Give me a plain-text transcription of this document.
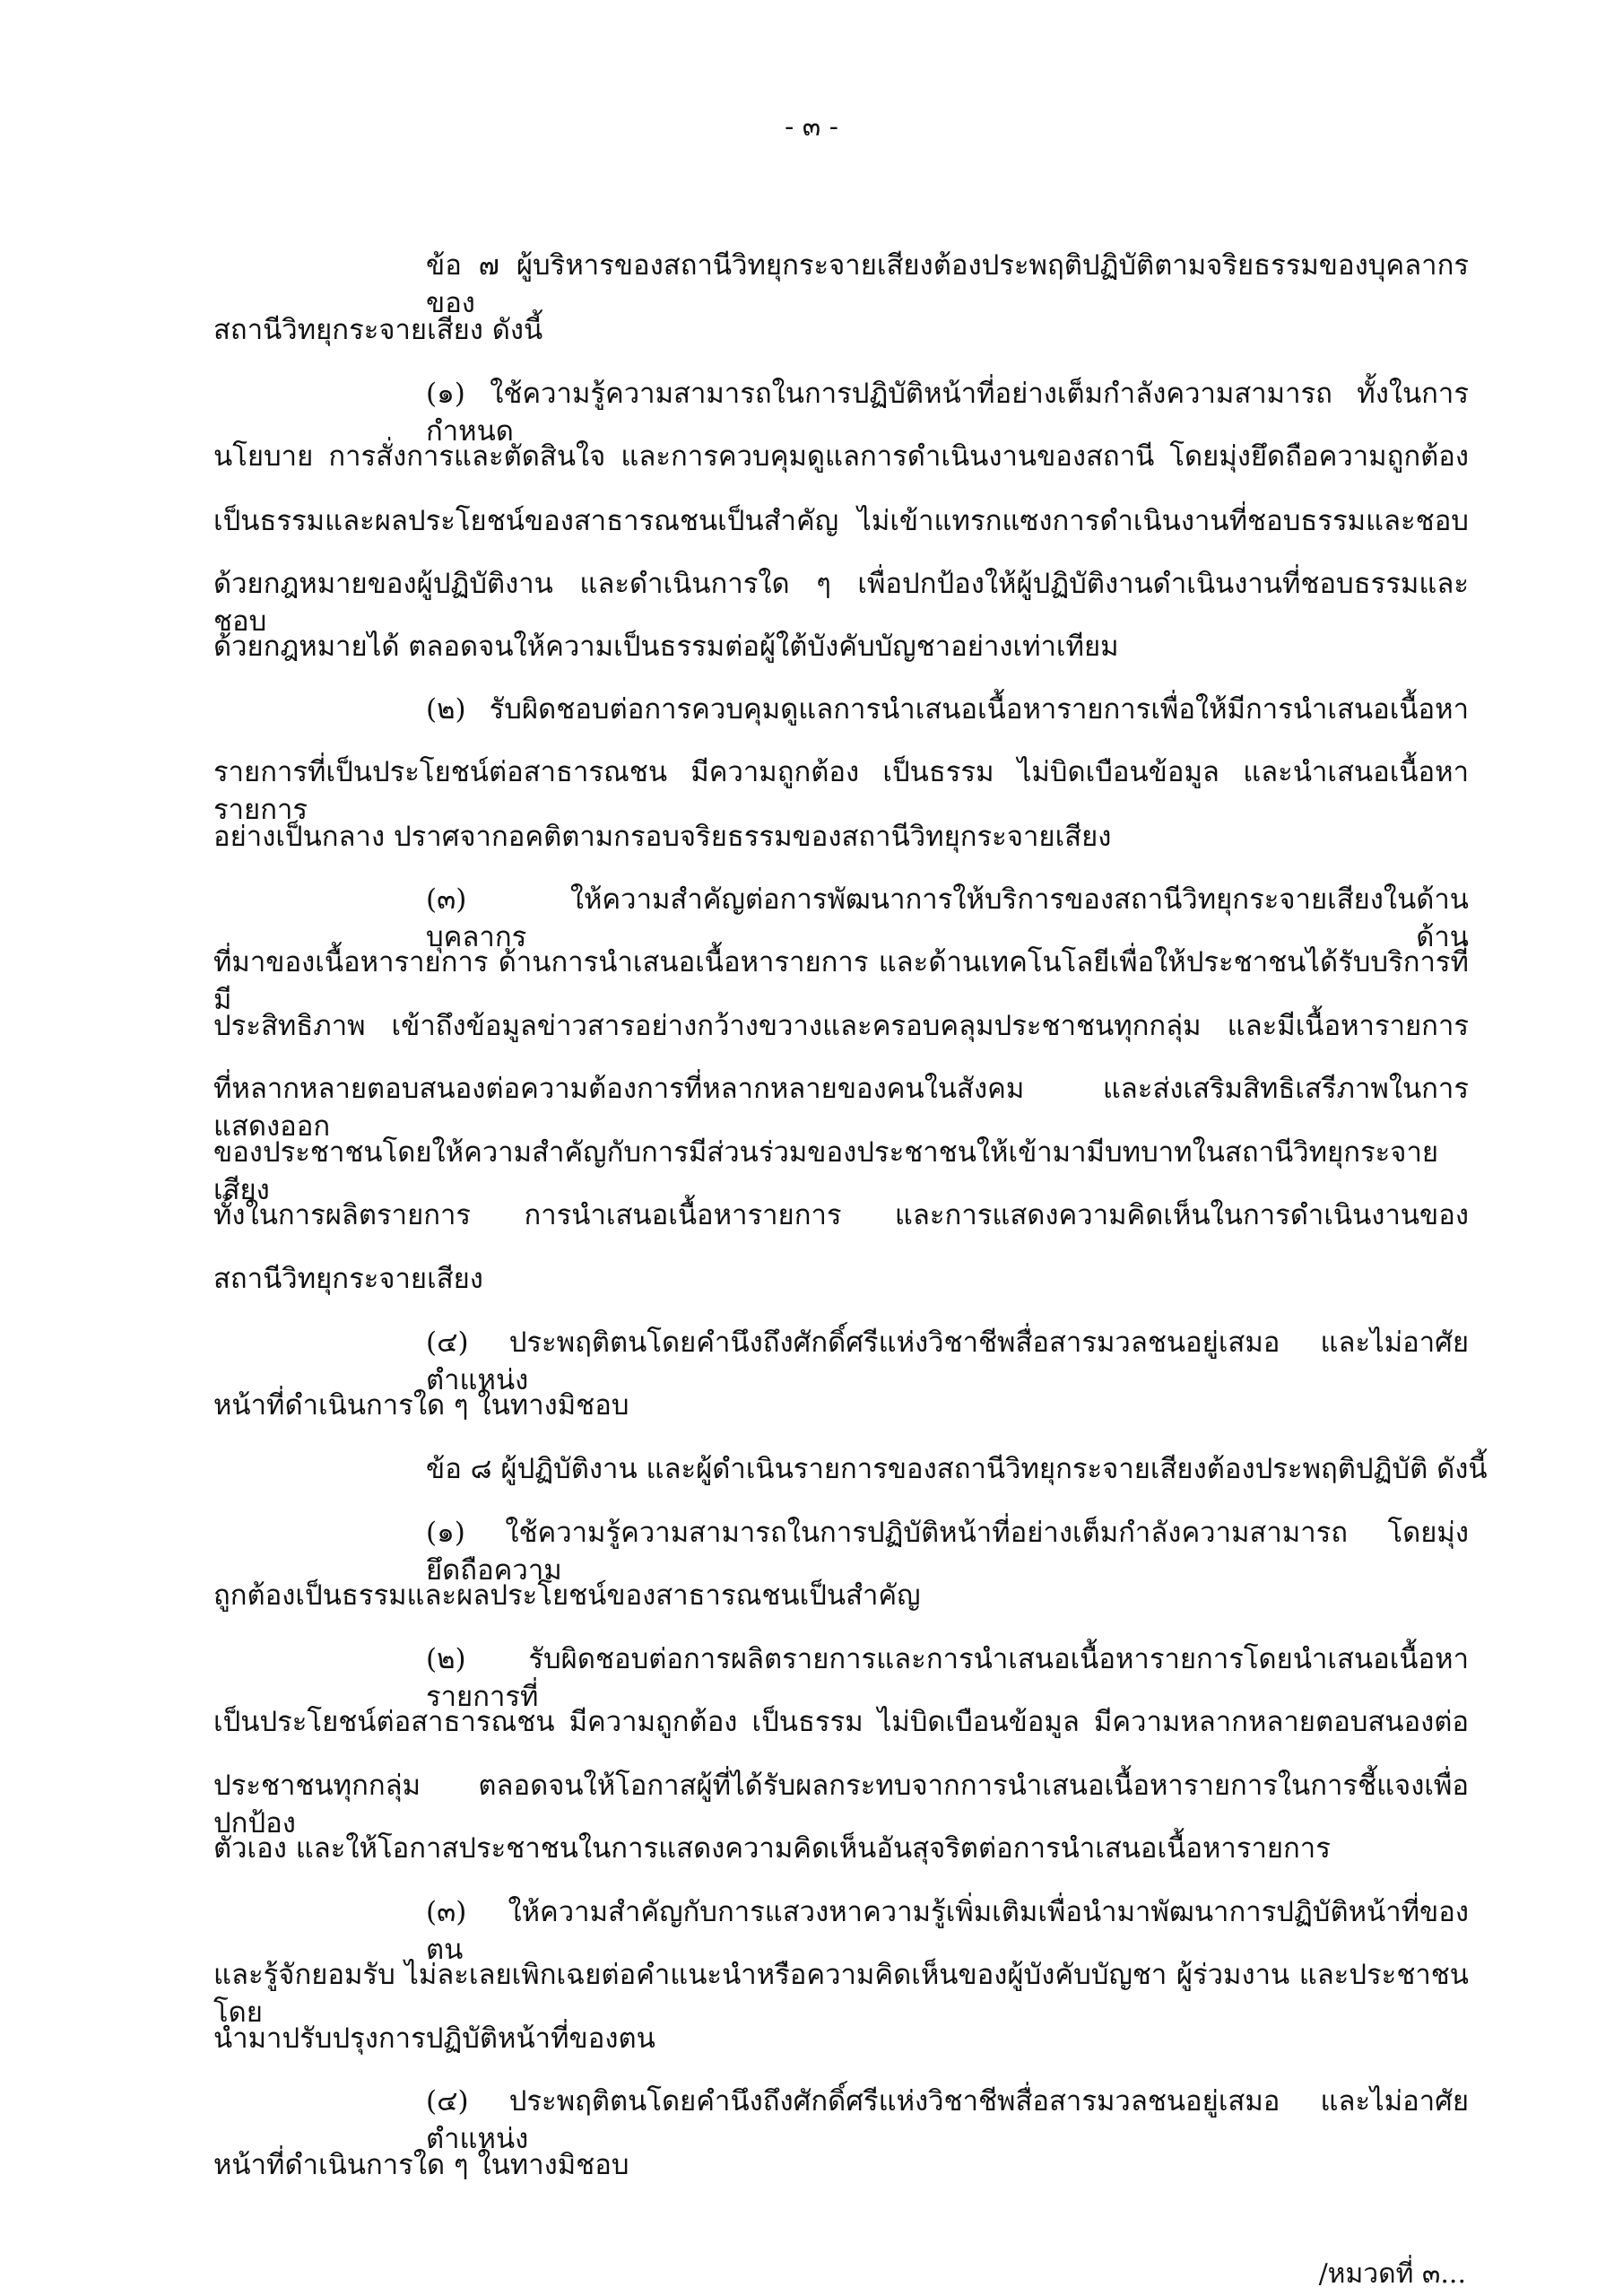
- ๓ -
ข้อ ๗ ผู้บริหารของสถานีวิทยุกระจายเสียงต้องประพฤติปฏิบัติตามจริยธรรมของบุคลากรของ
สถานีวิทยุกระจายเสียง ดังนี้
(๑) ใช้ความรู้ความสามารถในการปฏิบัติหน้าที่อย่างเต็มกำลังความสามารถ ทั้งในการกำหนด
นโยบาย การสั่งการและตัดสินใจ และการควบคุมดูแลการดำเนินงานของสถานี โดยมุ่งยึดถือความถูกต้อง
เป็นธรรมและผลประโยชน์ของสาธารณชนเป็นสำคัญ ไม่เข้าแทรกแซงการดำเนินงานที่ชอบธรรมและชอบ
ด้วยกฎหมายของผู้ปฏิบัติงาน และดำเนินการใด ๆ เพื่อปกป้องให้ผู้ปฏิบัติงานดำเนินงานที่ชอบธรรมและชอบ
ด้วยกฎหมายได้ ตลอดจนให้ความเป็นธรรมต่อผู้ใต้บังคับบัญชาอย่างเท่าเทียม
(๒) รับผิดชอบต่อการควบคุมดูแลการนำเสนอเนื้อหารายการเพื่อให้มีการนำเสนอเนื้อหา
รายการที่เป็นประโยชน์ต่อสาธารณชน มีความถูกต้อง เป็นธรรม ไม่บิดเบือนข้อมูล และนำเสนอเนื้อหารายการ
อย่างเป็นกลาง ปราศจากอคติตามกรอบจริยธรรมของสถานีวิทยุกระจายเสียง
(๓) ให้ความสำคัญต่อการพัฒนาการให้บริการของสถานีวิทยุกระจายเสียงในด้านบุคลากร ด้าน
ที่มาของเนื้อหารายการ ด้านการนำเสนอเนื้อหารายการ และด้านเทคโนโลยีเพื่อให้ประชาชนได้รับบริการที่มี
ประสิทธิภาพ เข้าถึงข้อมูลข่าวสารอย่างกว้างขวางและครอบคลุมประชาชนทุกกลุ่ม และมีเนื้อหารายการ
ที่หลากหลายตอบสนองต่อความต้องการที่หลากหลายของคนในสังคม และส่งเสริมสิทธิเสรีภาพในการแสดงออก
ของประชาชนโดยให้ความสำคัญกับการมีส่วนร่วมของประชาชนให้เข้ามามีบทบาทในสถานีวิทยุกระจายเสียง
ทั้งในการผลิตรายการ การนำเสนอเนื้อหารายการ และการแสดงความคิดเห็นในการดำเนินงานของ
สถานีวิทยุกระจายเสียง
(๔) ประพฤติตนโดยคำนึงถึงศักดิ์ศรีแห่งวิชาชีพสื่อสารมวลชนอยู่เสมอ และไม่อาศัยตำแหน่ง
หน้าที่ดำเนินการใด ๆ ในทางมิชอบ
ข้อ ๘ ผู้ปฏิบัติงาน และผู้ดำเนินรายการของสถานีวิทยุกระจายเสียงต้องประพฤติปฏิบัติ ดังนี้
(๑) ใช้ความรู้ความสามารถในการปฏิบัติหน้าที่อย่างเต็มกำลังความสามารถ โดยมุ่งยึดถือความ
ถูกต้องเป็นธรรมและผลประโยชน์ของสาธารณชนเป็นสำคัญ
(๒) รับผิดชอบต่อการผลิตรายการและการนำเสนอเนื้อหารายการโดยนำเสนอเนื้อหารายการที่
เป็นประโยชน์ต่อสาธารณชน มีความถูกต้อง เป็นธรรม ไม่บิดเบือนข้อมูล มีความหลากหลายตอบสนองต่อ
ประชาชนทุกกลุ่ม ตลอดจนให้โอกาสผู้ที่ได้รับผลกระทบจากการนำเสนอเนื้อหารายการในการชี้แจงเพื่อปกป้อง
ตัวเอง และให้โอกาสประชาชนในการแสดงความคิดเห็นอันสุจริตต่อการนำเสนอเนื้อหารายการ
(๓) ให้ความสำคัญกับการแสวงหาความรู้เพิ่มเติมเพื่อนำมาพัฒนาการปฏิบัติหน้าที่ของตน
และรู้จักยอมรับ ไม่ละเลยเพิกเฉยต่อคำแนะนำหรือความคิดเห็นของผู้บังคับบัญชา ผู้ร่วมงาน และประชาชนโดย
นำมาปรับปรุงการปฏิบัติหน้าที่ของตน
(๔) ประพฤติตนโดยคำนึงถึงศักดิ์ศรีแห่งวิชาชีพสื่อสารมวลชนอยู่เสมอ และไม่อาศัยตำแหน่ง
หน้าที่ดำเนินการใด ๆ ในทางมิชอบ
/หมวดที่ ๓...
